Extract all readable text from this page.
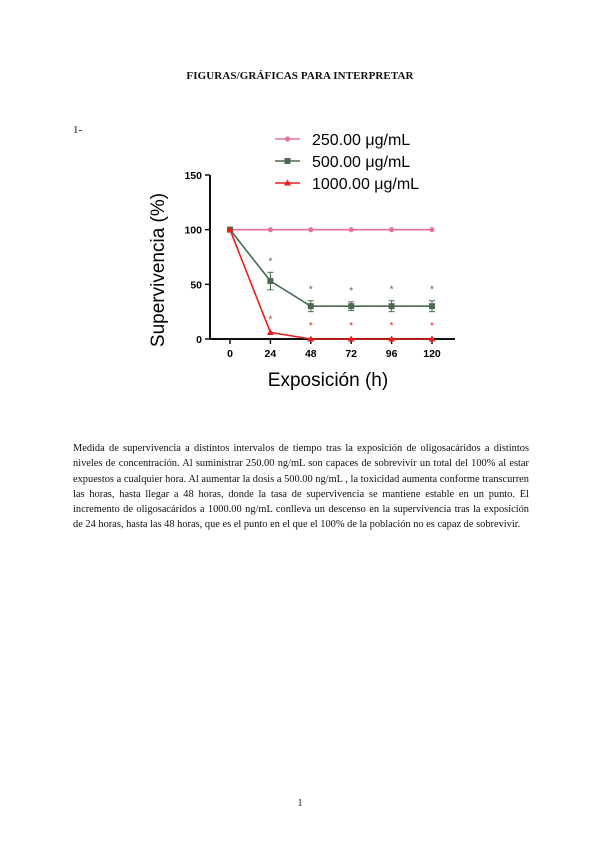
FIGURAS/GRÁFICAS PARA INTERPRETAR
1-
250.00 μg/mL
500.00 μg/mL
1000.00 μg/mL
0
50
100
150
0	24	48	72	96 120
*
*	*	*	*
*
*	*	*	*
Supervivencia (%)
Exposición (h)
Medida de supervivencia a distintos intervalos de tiempo tras la exposición de oligosacáridos a distintos niveles de concentración. Al suministrar 250.00 ng/mL son capaces de sobrevivir un total del 100% al estar expuestos a cualquier hora. Al aumentar la dosis a 500.00 ng/mL , la toxicidad aumenta conforme transcurren las horas, hasta llegar a 48 horas, donde la tasa de supervivencia se mantiene estable en un punto. El incremento de oligosacáridos a 1000.00 ng/mL conlleva un descenso en la supervivencia tras la exposición de 24 horas, hasta las 48 horas, que es el punto en el que el 100% de la población no es capaz de sobrevivir.
1
